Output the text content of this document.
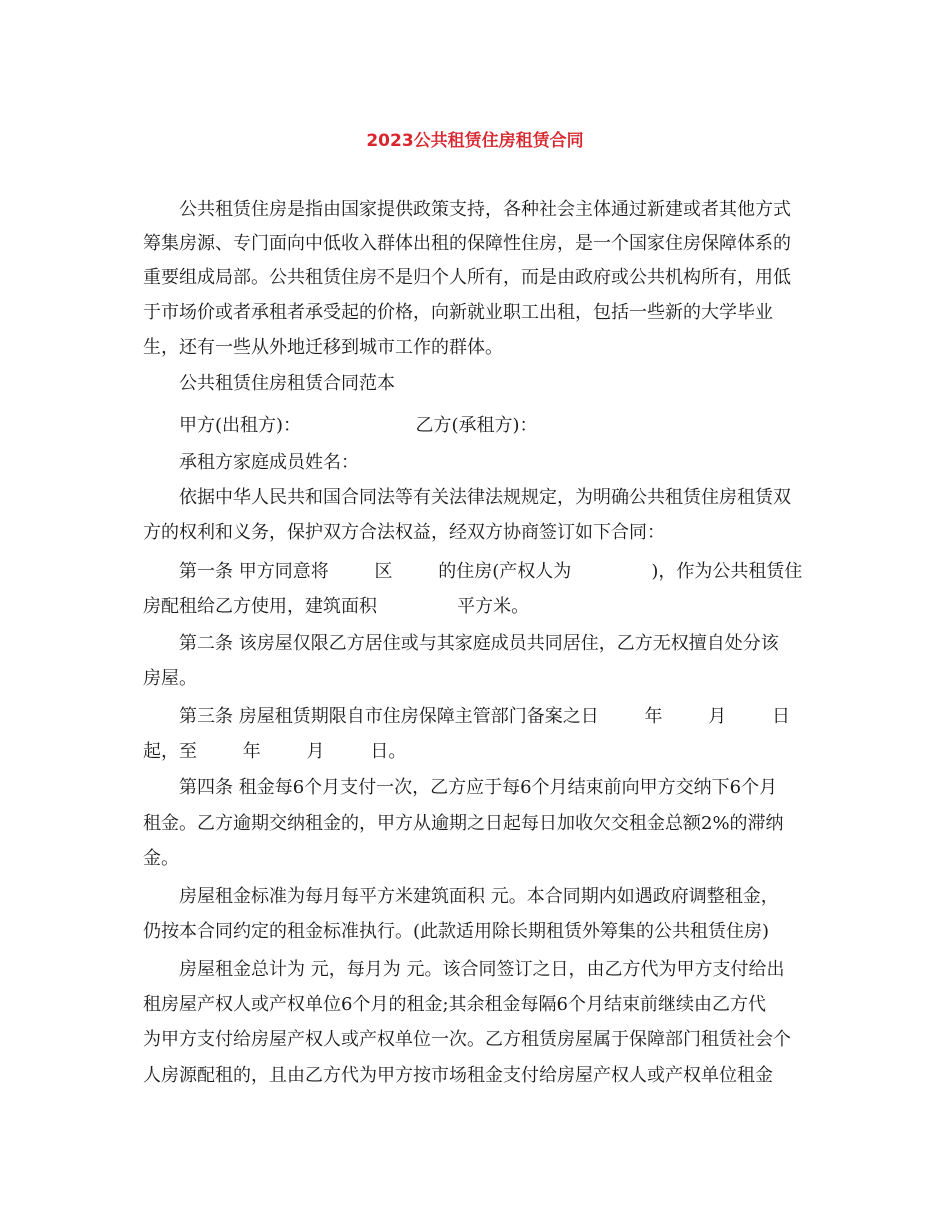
2023公共租赁住房租赁合同
公共租赁住房是指由国家提供政策支持，各种社会主体通过新建或者其他方式
筹集房源、专门面向中低收入群体出租的保障性住房，是一个国家住房保障体系的
重要组成局部。公共租赁住房不是归个人所有，而是由政府或公共机构所有，用低
于市场价或者承租者承受起的价格，向新就业职工出租，包括一些新的大学毕业
生，还有一些从外地迁移到城市工作的群体。
公共租赁住房租赁合同范本
甲方(出租方)：                    乙方(承租方)：
承租方家庭成员姓名：
依据中华人民共和国合同法等有关法律法规规定，为明确公共租赁住房租赁双
方的权利和义务，保护双方合法权益，经双方协商签订如下合同：
第一条 甲方同意将        区        的住房(产权人为              )，作为公共租赁住
房配租给乙方使用，建筑面积              平方米。
第二条 该房屋仅限乙方居住或与其家庭成员共同居住，乙方无权擅自处分该
房屋。
第三条 房屋租赁期限自市住房保障主管部门备案之日        年        月        日
起，至        年        月        日。
第四条 租金每6个月支付一次，乙方应于每6个月结束前向甲方交纳下6个月
租金。乙方逾期交纳租金的，甲方从逾期之日起每日加收欠交租金总额2%的滞纳
金。
房屋租金标准为每月每平方米建筑面积 元。本合同期内如遇政府调整租金，
仍按本合同约定的租金标准执行。(此款适用除长期租赁外筹集的公共租赁住房)
房屋租金总计为 元，每月为 元。该合同签订之日，由乙方代为甲方支付给出
租房屋产权人或产权单位6个月的租金;其余租金每隔6个月结束前继续由乙方代
为甲方支付给房屋产权人或产权单位一次。乙方租赁房屋属于保障部门租赁社会个
人房源配租的，且由乙方代为甲方按市场租金支付给房屋产权人或产权单位租金
